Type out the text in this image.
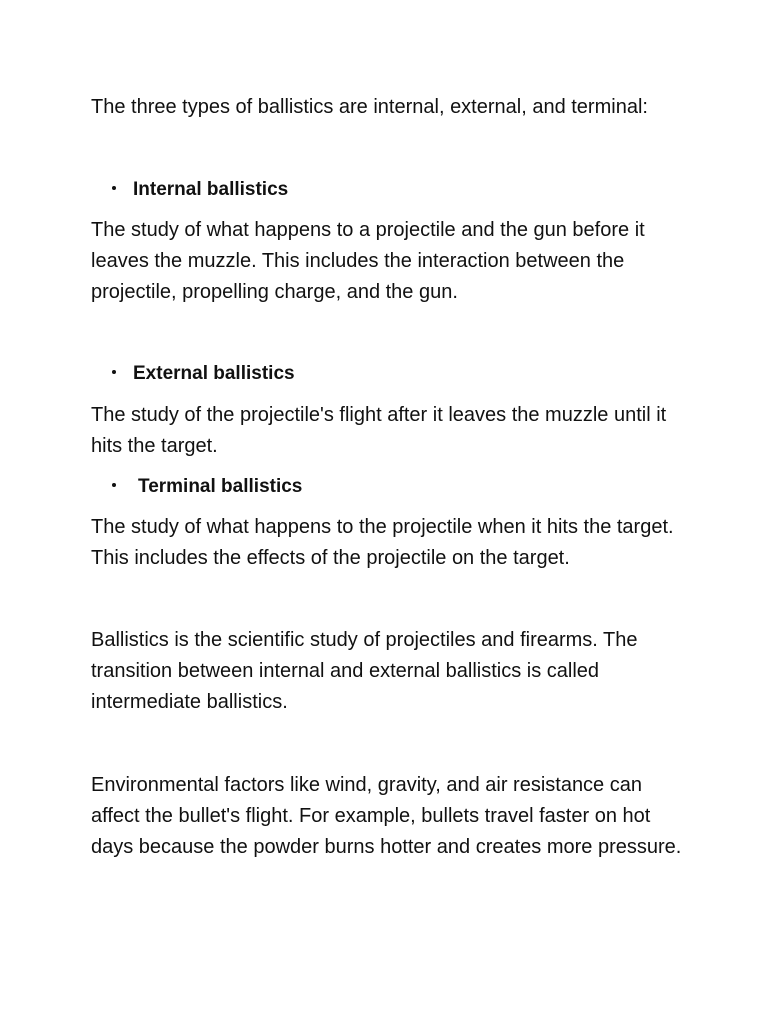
The three types of ballistics are internal, external, and terminal:

Internal ballistics

The study of what happens to a projectile and the gun before it leaves the muzzle. This includes the interaction between the projectile, propelling charge, and the gun.

External ballistics

The study of the projectile's flight after it leaves the muzzle until it hits the target.

Terminal ballistics

The study of what happens to the projectile when it hits the target. This includes the effects of the projectile on the target.

Ballistics is the scientific study of projectiles and firearms. The transition between internal and external ballistics is called intermediate ballistics.

Environmental factors like wind, gravity, and air resistance can affect the bullet's flight. For example, bullets travel faster on hot days because the powder burns hotter and creates more pressure.
